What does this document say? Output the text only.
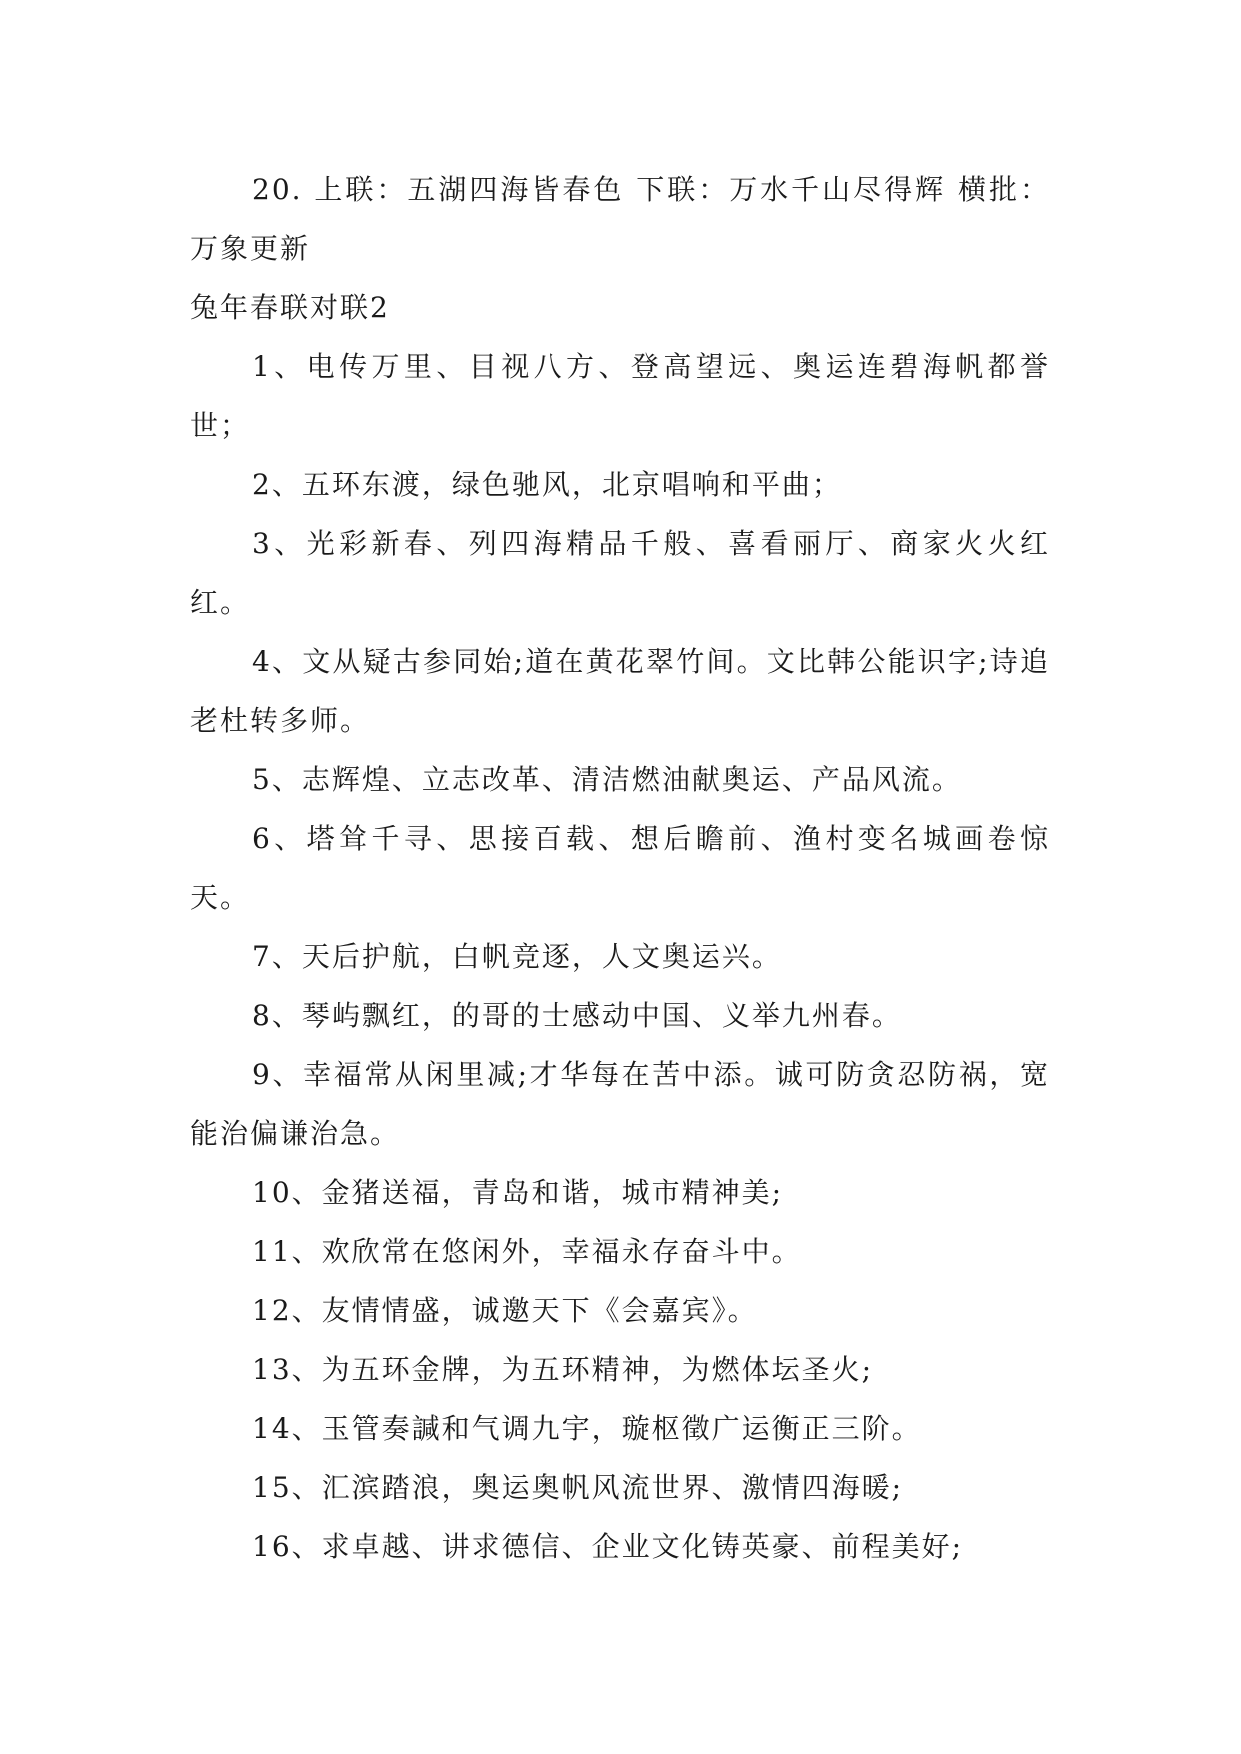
20. 上联：五湖四海皆春色 下联：万水千山尽得辉 横批：万象更新

兔年春联对联2

1、电传万里、目视八方、登高望远、奥运连碧海帆都誉世；

2、五环东渡，绿色驰风，北京唱响和平曲；

3、光彩新春、列四海精品千般、喜看丽厅、商家火火红红。

4、文从疑古参同始;道在黄花翠竹间。文比韩公能识字;诗追老杜转多师。

5、志辉煌、立志改革、清洁燃油献奥运、产品风流。

6、塔耸千寻、思接百载、想后瞻前、渔村变名城画卷惊天。

7、天后护航，白帆竞逐，人文奥运兴。

8、琴屿飘红，的哥的士感动中国、义举九州春。

9、幸福常从闲里减;才华每在苦中添。诚可防贪忍防祸，宽能治偏谦治急。

10、金猪送福，青岛和谐，城市精神美;

11、欢欣常在悠闲外，幸福永存奋斗中。

12、友情情盛，诚邀天下《会嘉宾》。

13、为五环金牌，为五环精神，为燃体坛圣火;

14、玉管奏諴和气调九宇，璇枢徵广运衡正三阶。

15、汇滨踏浪，奥运奥帆风流世界、激情四海暖;

16、求卓越、讲求德信、企业文化铸英豪、前程美好;
